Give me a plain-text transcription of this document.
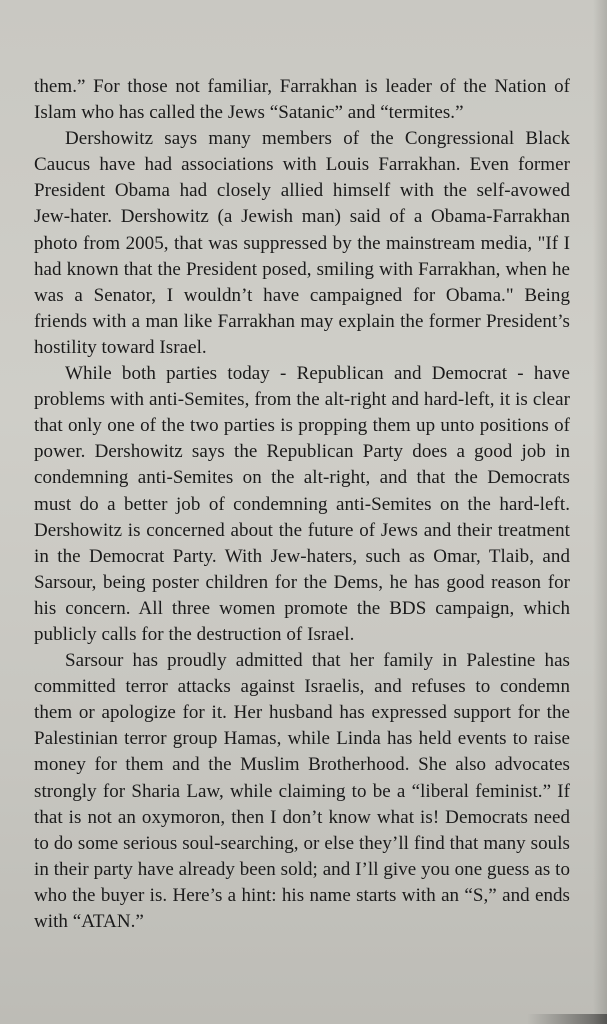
them.” For those not familiar, Farrakhan is leader of the Nation of Islam who has called the Jews “Satanic” and “termites.”

Dershowitz says many members of the Congressional Black Caucus have had associations with Louis Farrakhan. Even former President Obama had closely allied himself with the self-avowed Jew-hater. Dershowitz (a Jewish man) said of a Obama-Farrakhan photo from 2005, that was suppressed by the mainstream media, "If I had known that the President posed, smiling with Farrakhan, when he was a Senator, I wouldn’t have campaigned for Obama." Being friends with a man like Farrakhan may explain the former President’s hostility toward Israel.

While both parties today - Republican and Democrat - have problems with anti-Semites, from the alt-right and hard-left, it is clear that only one of the two parties is propping them up unto positions of power. Dershowitz says the Republican Party does a good job in condemning anti-Semites on the alt-right, and that the Democrats must do a better job of condemning anti-Semites on the hard-left. Dershowitz is concerned about the future of Jews and their treatment in the Democrat Party. With Jew-haters, such as Omar, Tlaib, and Sarsour, being poster children for the Dems, he has good reason for his concern. All three women promote the BDS campaign, which publicly calls for the destruction of Israel.

Sarsour has proudly admitted that her family in Palestine has committed terror attacks against Israelis, and refuses to condemn them or apologize for it. Her husband has expressed support for the Palestinian terror group Hamas, while Linda has held events to raise money for them and the Muslim Brotherhood. She also advocates strongly for Sharia Law, while claiming to be a “liberal feminist.” If that is not an oxymoron, then I don’t know what is! Democrats need to do some serious soul-searching, or else they’ll find that many souls in their party have already been sold; and I’ll give you one guess as to who the buyer is. Here’s a hint: his name starts with an “S,” and ends with “ATAN.”
